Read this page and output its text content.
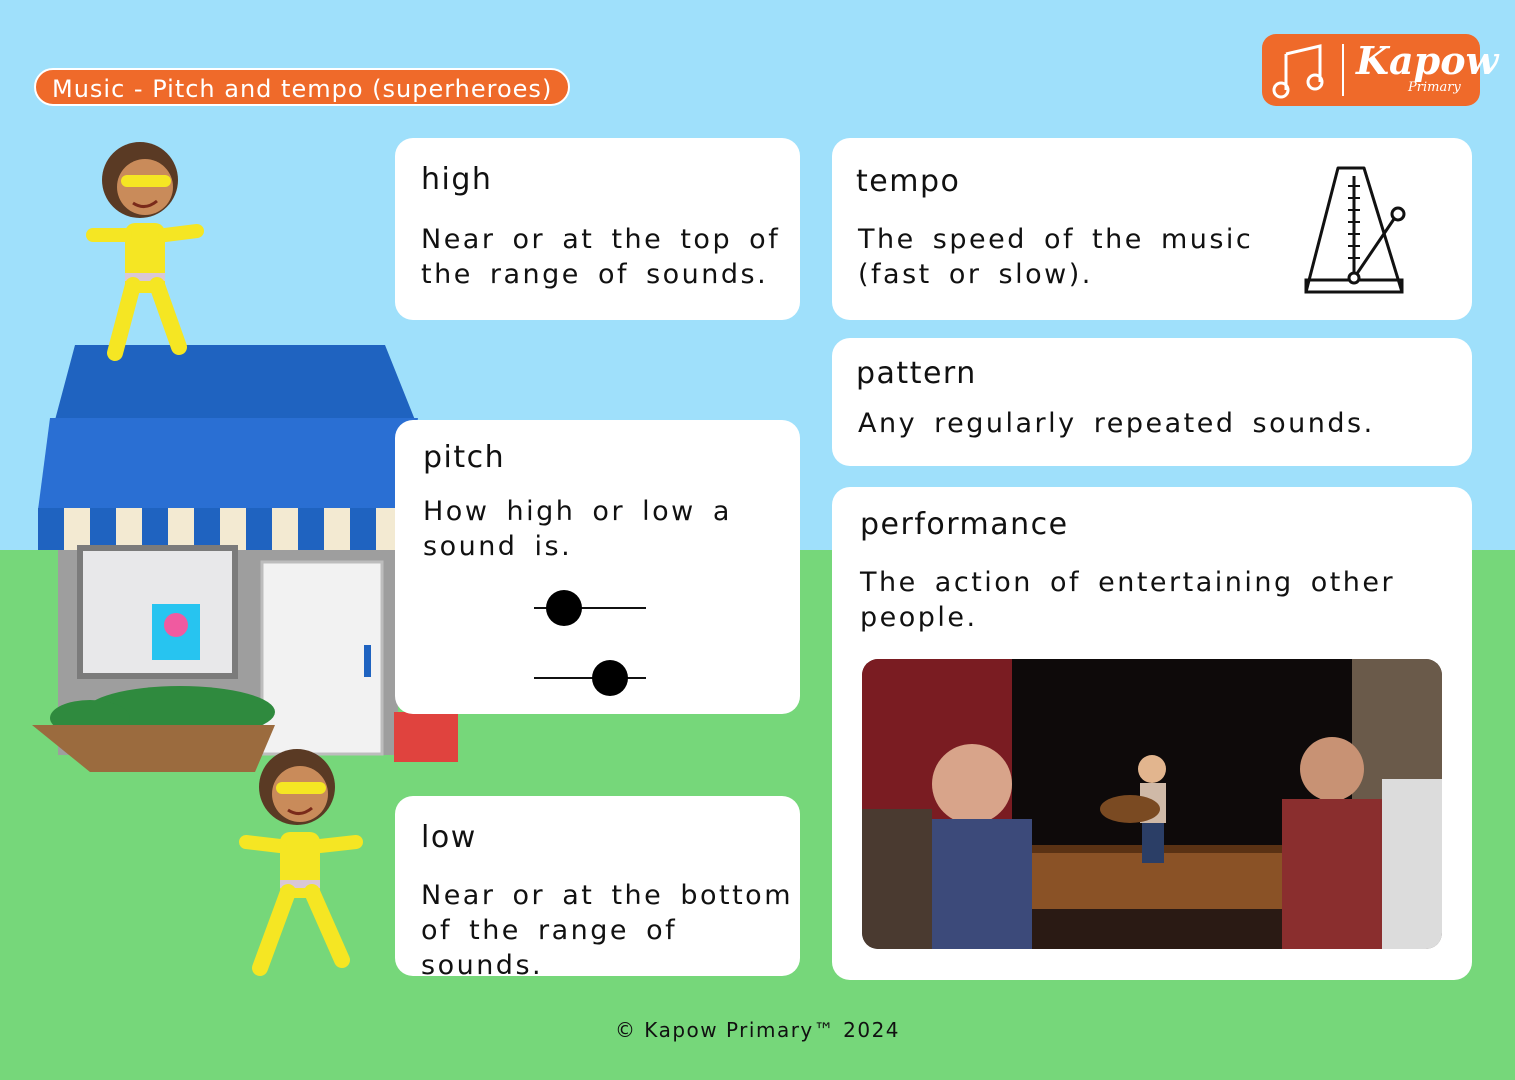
Music - Pitch and tempo (superheroes)
Kapow
Primary
high
Near or at the top of the range of sounds.
pitch
How high or low a sound is.
low
Near or at the bottom of the range of sounds.
tempo
The speed of the music (fast or slow).
pattern
Any regularly repeated sounds.
performance
The action of entertaining other people.
© Kapow Primary™ 2024
